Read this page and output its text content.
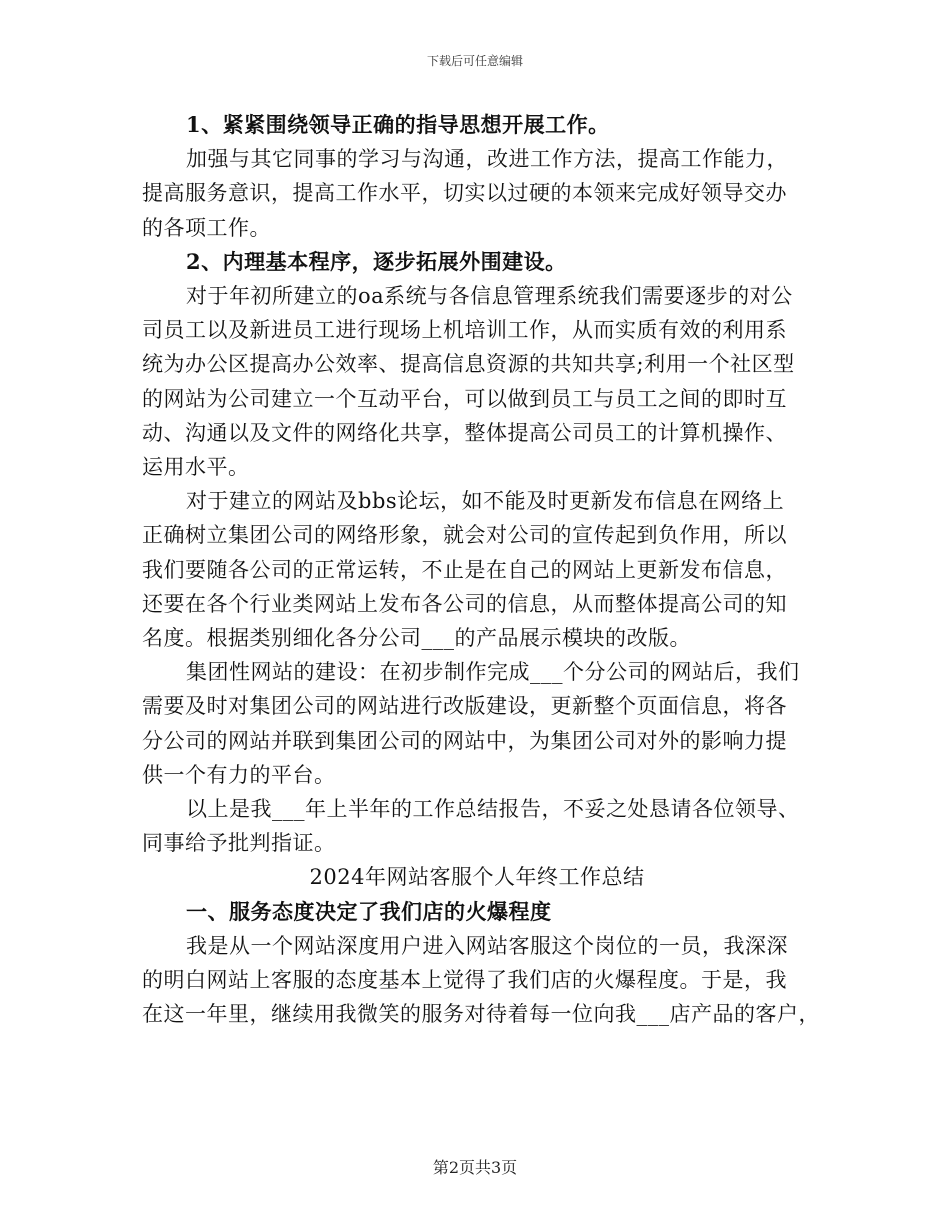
下载后可任意编辑
1、紧紧围绕领导正确的指导思想开展工作。
加强与其它同事的学习与沟通，改进工作方法，提高工作能力，
提高服务意识，提高工作水平，切实以过硬的本领来完成好领导交办
的各项工作。
2、内理基本程序，逐步拓展外围建设。
对于年初所建立的oa系统与各信息管理系统我们需要逐步的对公
司员工以及新进员工进行现场上机培训工作，从而实质有效的利用系
统为办公区提高办公效率、提高信息资源的共知共享;利用一个社区型
的网站为公司建立一个互动平台，可以做到员工与员工之间的即时互
动、沟通以及文件的网络化共享，整体提高公司员工的计算机操作、
运用水平。
对于建立的网站及bbs论坛，如不能及时更新发布信息在网络上
正确树立集团公司的网络形象，就会对公司的宣传起到负作用，所以
我们要随各公司的正常运转，不止是在自己的网站上更新发布信息，
还要在各个行业类网站上发布各公司的信息，从而整体提高公司的知
名度。根据类别细化各分公司___的产品展示模块的改版。
集团性网站的建设：在初步制作完成___个分公司的网站后，我们
需要及时对集团公司的网站进行改版建设，更新整个页面信息，将各
分公司的网站并联到集团公司的网站中，为集团公司对外的影响力提
供一个有力的平台。
以上是我___年上半年的工作总结报告，不妥之处恳请各位领导、
同事给予批判指证。
2024年网站客服个人年终工作总结
一、服务态度决定了我们店的火爆程度
我是从一个网站深度用户进入网站客服这个岗位的一员，我深深
的明白网站上客服的态度基本上觉得了我们店的火爆程度。于是，我
在这一年里，继续用我微笑的服务对待着每一位向我___店产品的客户，
第2页共3页
